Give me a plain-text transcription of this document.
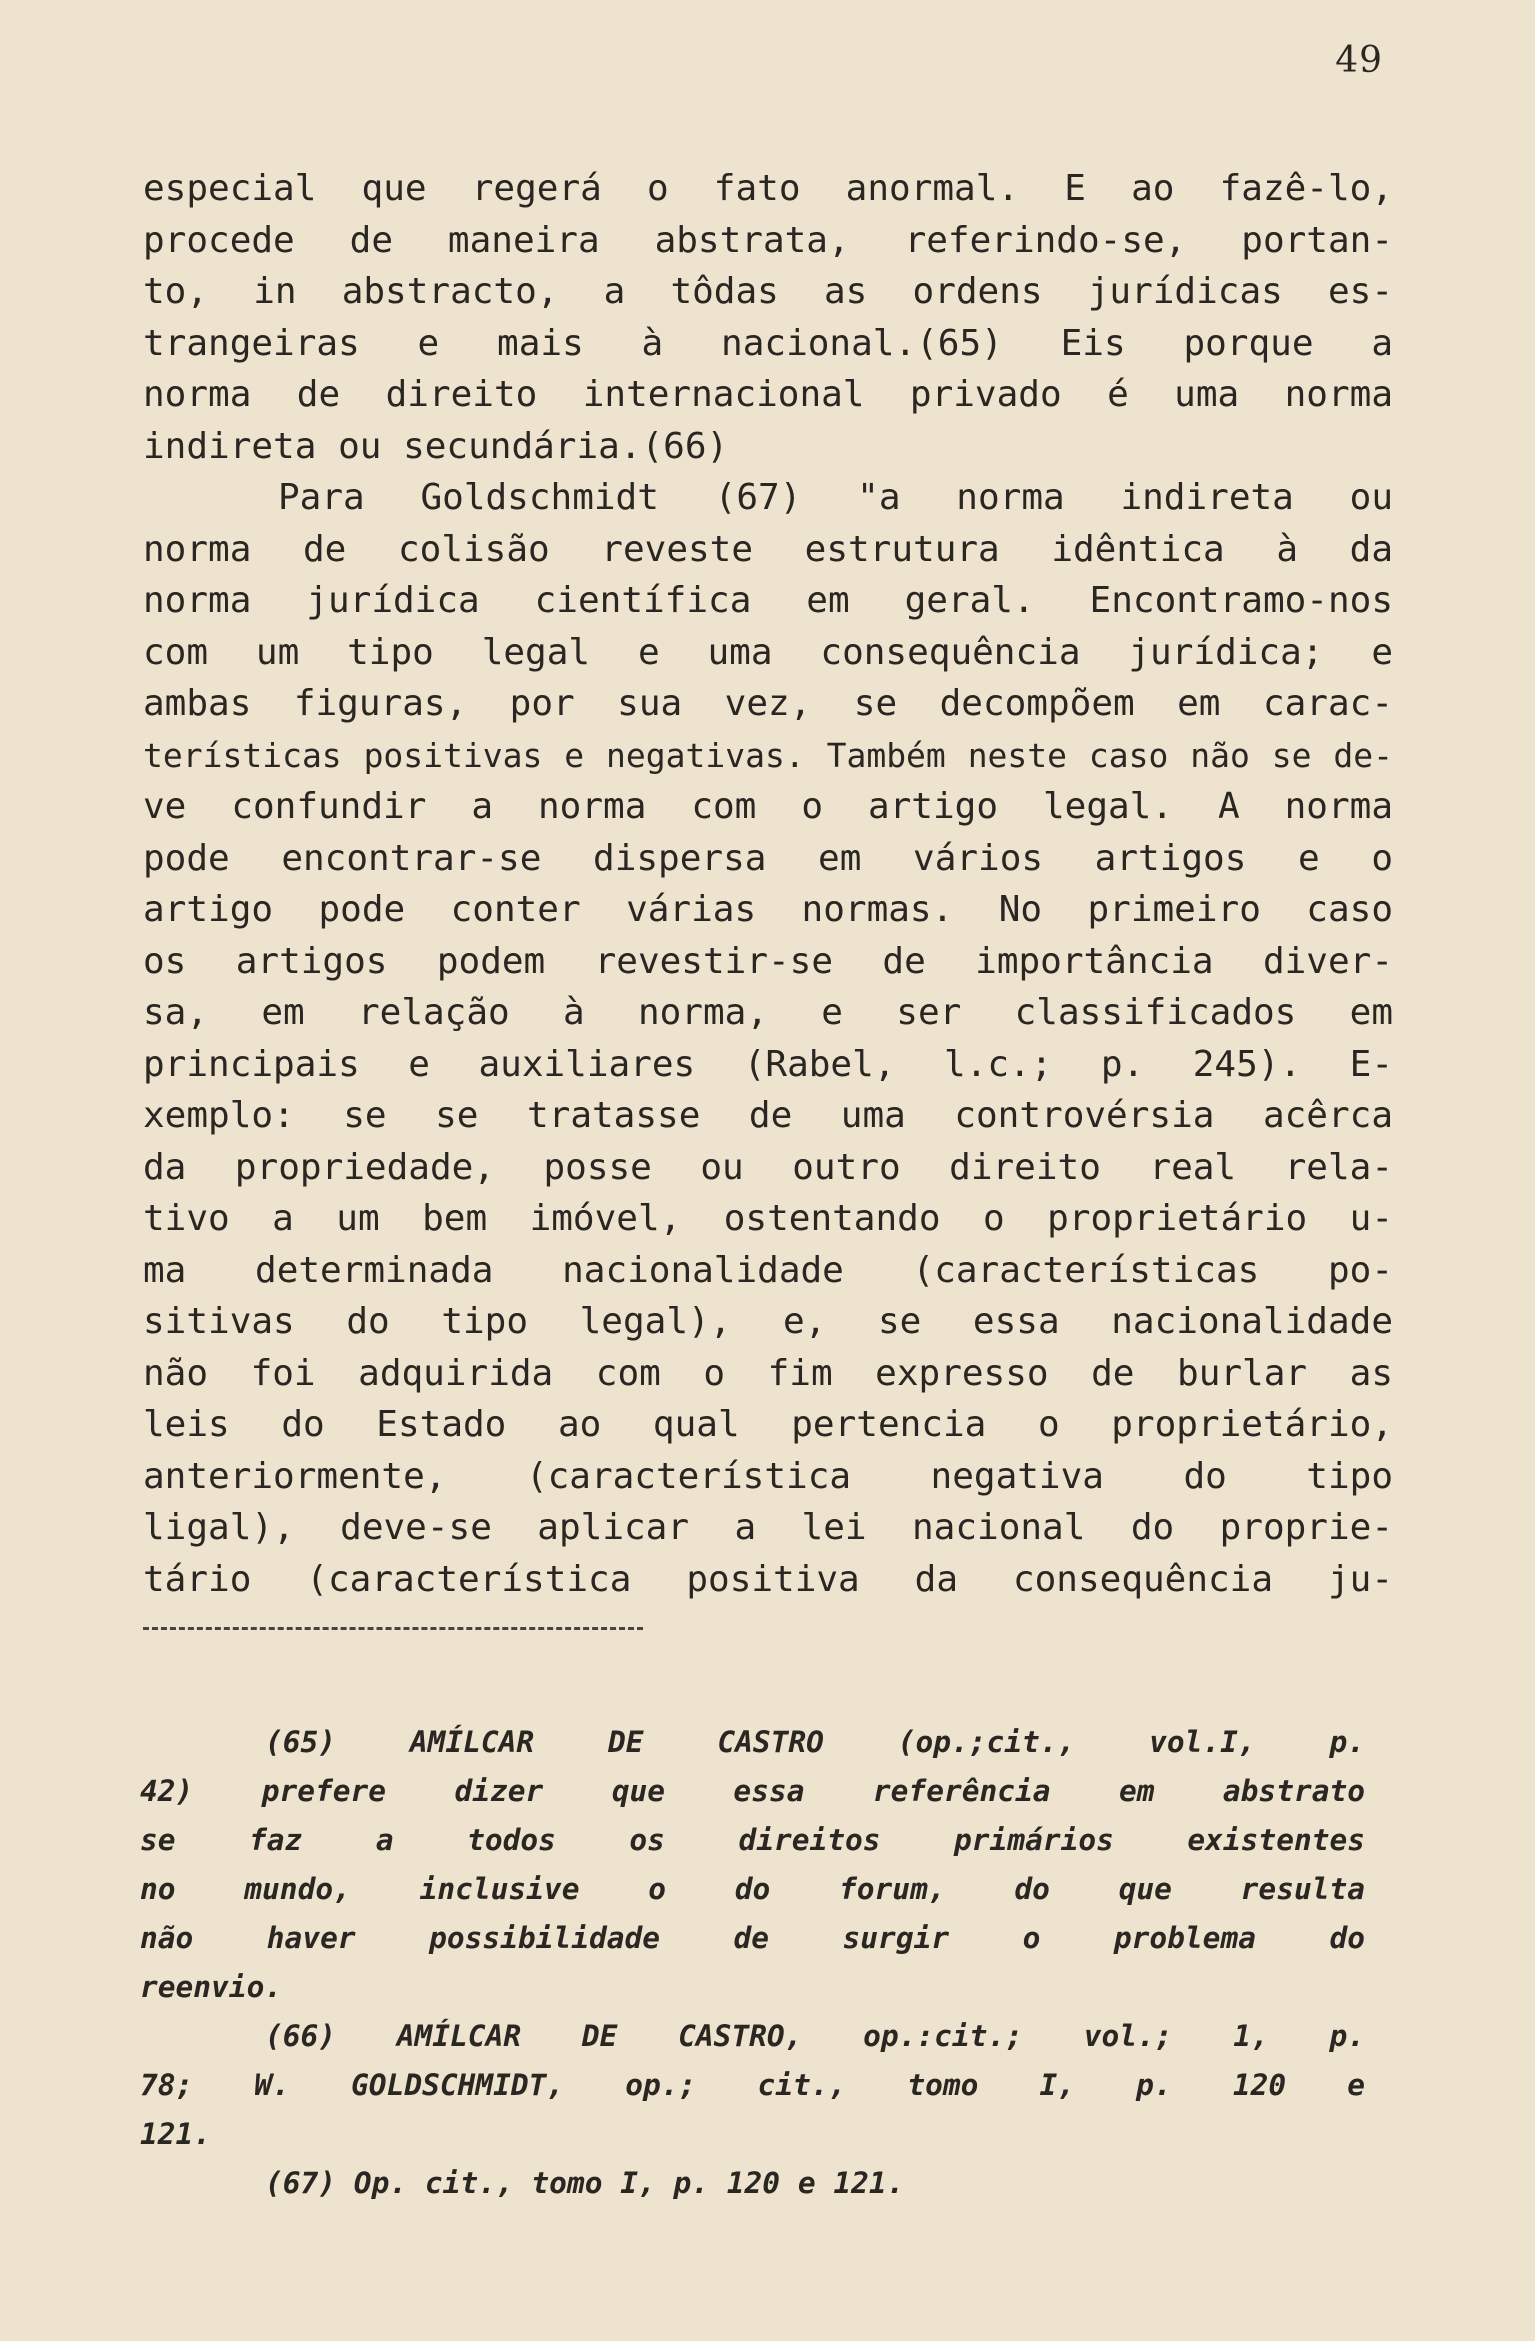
49
especial que regerá o fato anormal. E ao fazê-lo,
procede de maneira abstrata, referindo-se, portan-
to, in abstracto, a tôdas as ordens jurídicas es-
trangeiras e mais à nacional.(65) Eis porque a
norma de direito internacional privado é uma norma
indireta ou secundária.(66)
Para Goldschmidt (67) "a norma indireta ou
norma de colisão reveste estrutura idêntica à da
norma jurídica científica em geral. Encontramo-nos
com um tipo legal e uma consequência jurídica; e
ambas figuras, por sua vez, se decompõem em carac-
terísticas positivas e negativas. Também neste caso não se de-
ve confundir a norma com o artigo legal. A norma
pode encontrar-se dispersa em vários artigos e o
artigo pode conter várias normas. No primeiro caso
os artigos podem revestir-se de importância diver-
sa, em relação à norma, e ser classificados em
principais e auxiliares (Rabel, l.c.; p. 245). E-
xemplo: se se tratasse de uma controvérsia acêrca
da propriedade, posse ou outro direito real rela-
tivo a um bem imóvel, ostentando o proprietário u-
ma determinada nacionalidade (características po-
sitivas do tipo legal), e, se essa nacionalidade
não foi adquirida com o fim expresso de burlar as
leis do Estado ao qual pertencia o proprietário,
anteriormente, (característica negativa do tipo
ligal), deve-se aplicar a lei nacional do proprie-
tário (característica positiva da consequência ju-
(65) AMÍLCAR DE CASTRO (op.;cit., vol.I, p.
42) prefere dizer que essa referência em abstrato
se faz a todos os direitos primários existentes
no mundo, inclusive o do forum, do que resulta
não haver possibilidade de surgir o problema do
reenvio.
(66) AMÍLCAR DE CASTRO, op.:cit.; vol.; 1, p.
78; W. GOLDSCHMIDT, op.; cit., tomo I, p. 120 e
121.
(67) Op. cit., tomo I, p. 120 e 121.
